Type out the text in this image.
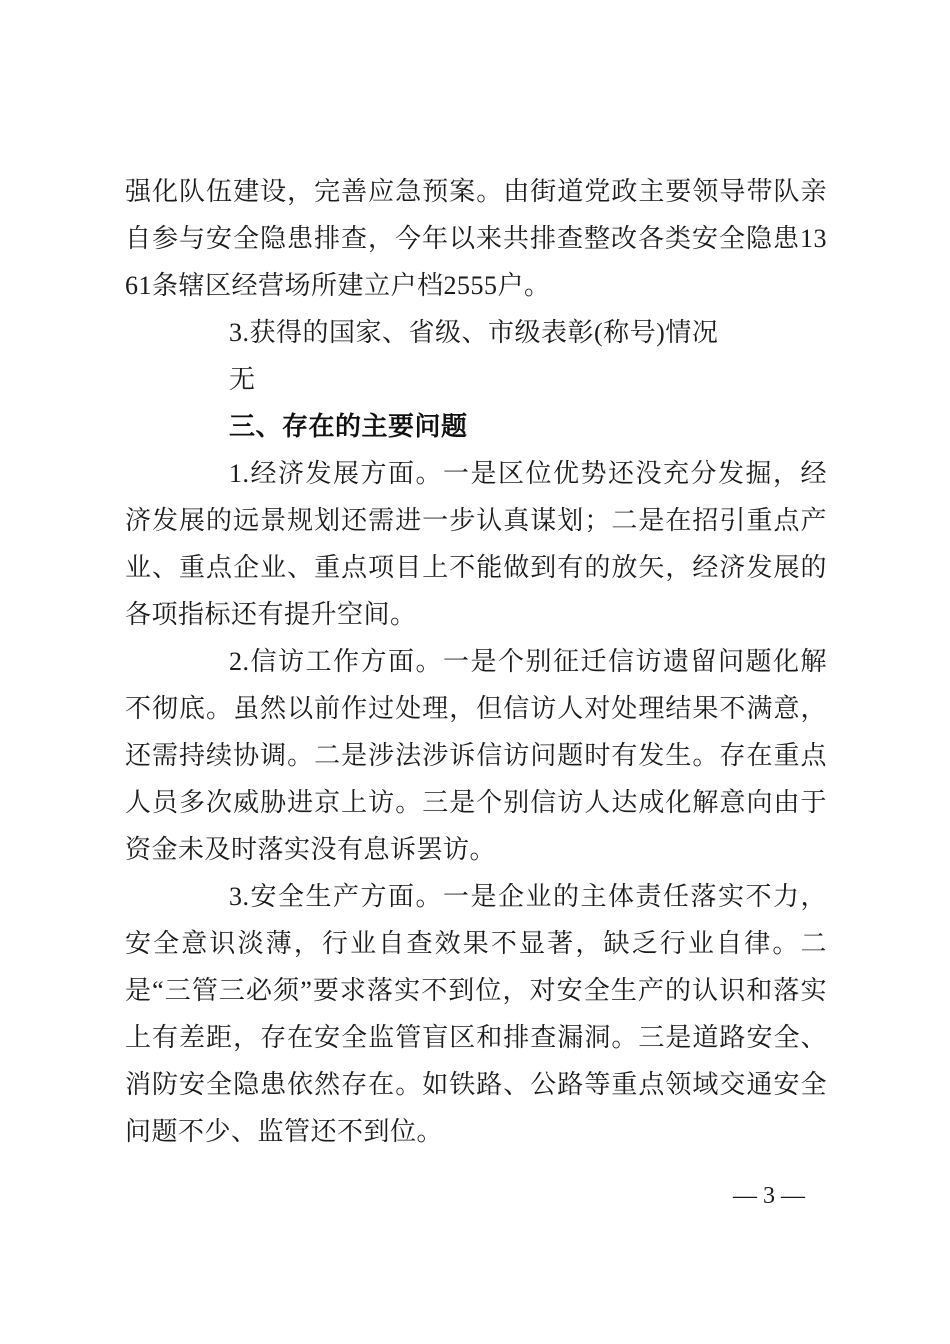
强化队伍建设，完善应急预案。由街道党政主要领导带队亲自参与安全隐患排查，今年以来共排查整改各类安全隐患1361条辖区经营场所建立户档2555户。

3.获得的国家、省级、市级表彰(称号)情况

无

三、存在的主要问题

1.经济发展方面。一是区位优势还没充分发掘，经济发展的远景规划还需进一步认真谋划；二是在招引重点产业、重点企业、重点项目上不能做到有的放矢，经济发展的各项指标还有提升空间。

2.信访工作方面。一是个别征迁信访遗留问题化解不彻底。虽然以前作过处理，但信访人对处理结果不满意，还需持续协调。二是涉法涉诉信访问题时有发生。存在重点人员多次威胁进京上访。三是个别信访人达成化解意向由于资金未及时落实没有息诉罢访。

3.安全生产方面。一是企业的主体责任落实不力，安全意识淡薄，行业自查效果不显著，缺乏行业自律。二是“三管三必须”要求落实不到位，对安全生产的认识和落实上有差距，存在安全监管盲区和排查漏洞。三是道路安全、消防安全隐患依然存在。如铁路、公路等重点领域交通安全问题不少、监管还不到位。

— 3 —
